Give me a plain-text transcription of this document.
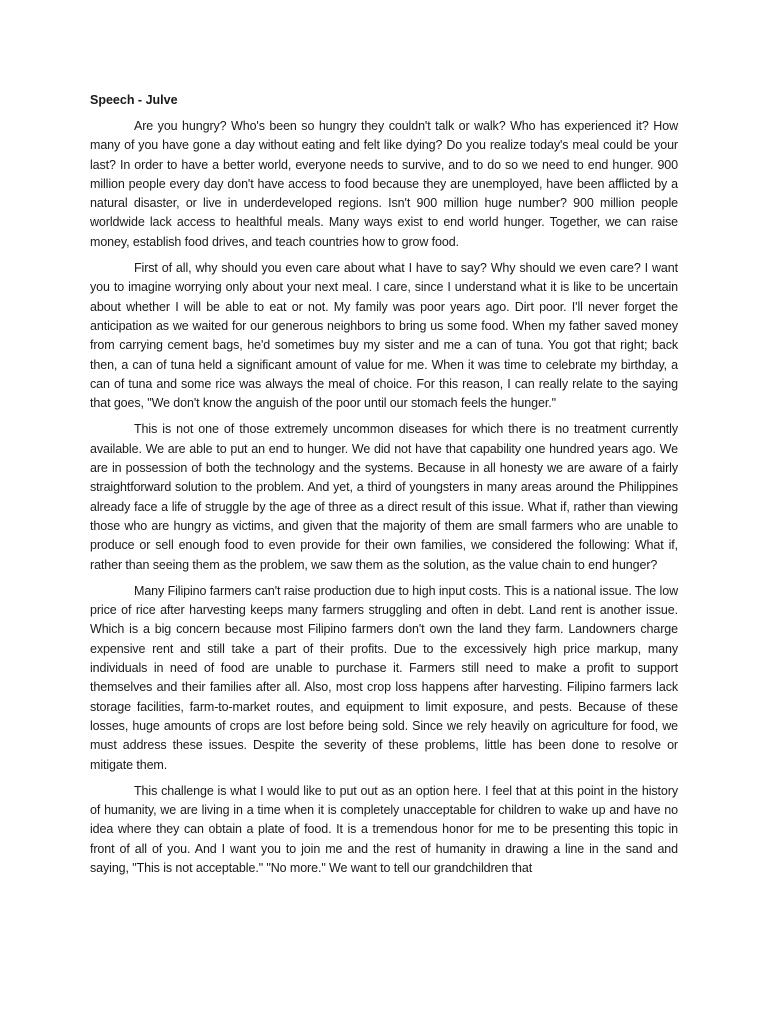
Speech - Julve

Are you hungry? Who's been so hungry they couldn't talk or walk? Who has experienced it? How many of you have gone a day without eating and felt like dying? Do you realize today's meal could be your last? In order to have a better world, everyone needs to survive, and to do so we need to end hunger. 900 million people every day don't have access to food because they are unemployed, have been afflicted by a natural disaster, or live in underdeveloped regions. Isn't 900 million huge number? 900 million people worldwide lack access to healthful meals. Many ways exist to end world hunger. Together, we can raise money, establish food drives, and teach countries how to grow food.

First of all, why should you even care about what I have to say? Why should we even care? I want you to imagine worrying only about your next meal. I care, since I understand what it is like to be uncertain about whether I will be able to eat or not. My family was poor years ago. Dirt poor. I'll never forget the anticipation as we waited for our generous neighbors to bring us some food. When my father saved money from carrying cement bags, he'd sometimes buy my sister and me a can of tuna. You got that right; back then, a can of tuna held a significant amount of value for me. When it was time to celebrate my birthday, a can of tuna and some rice was always the meal of choice. For this reason, I can really relate to the saying that goes, "We don't know the anguish of the poor until our stomach feels the hunger."

This is not one of those extremely uncommon diseases for which there is no treatment currently available. We are able to put an end to hunger. We did not have that capability one hundred years ago. We are in possession of both the technology and the systems. Because in all honesty we are aware of a fairly straightforward solution to the problem. And yet, a third of youngsters in many areas around the Philippines already face a life of struggle by the age of three as a direct result of this issue. What if, rather than viewing those who are hungry as victims, and given that the majority of them are small farmers who are unable to produce or sell enough food to even provide for their own families, we considered the following: What if, rather than seeing them as the problem, we saw them as the solution, as the value chain to end hunger?

Many Filipino farmers can't raise production due to high input costs. This is a national issue. The low price of rice after harvesting keeps many farmers struggling and often in debt. Land rent is another issue. Which is a big concern because most Filipino farmers don't own the land they farm. Landowners charge expensive rent and still take a part of their profits. Due to the excessively high price markup, many individuals in need of food are unable to purchase it. Farmers still need to make a profit to support themselves and their families after all. Also, most crop loss happens after harvesting. Filipino farmers lack storage facilities, farm-to-market routes, and equipment to limit exposure, and pests. Because of these losses, huge amounts of crops are lost before being sold. Since we rely heavily on agriculture for food, we must address these issues. Despite the severity of these problems, little has been done to resolve or mitigate them.

This challenge is what I would like to put out as an option here. I feel that at this point in the history of humanity, we are living in a time when it is completely unacceptable for children to wake up and have no idea where they can obtain a plate of food. It is a tremendous honor for me to be presenting this topic in front of all of you. And I want you to join me and the rest of humanity in drawing a line in the sand and saying, "This is not acceptable." "No more." We want to tell our grandchildren that
